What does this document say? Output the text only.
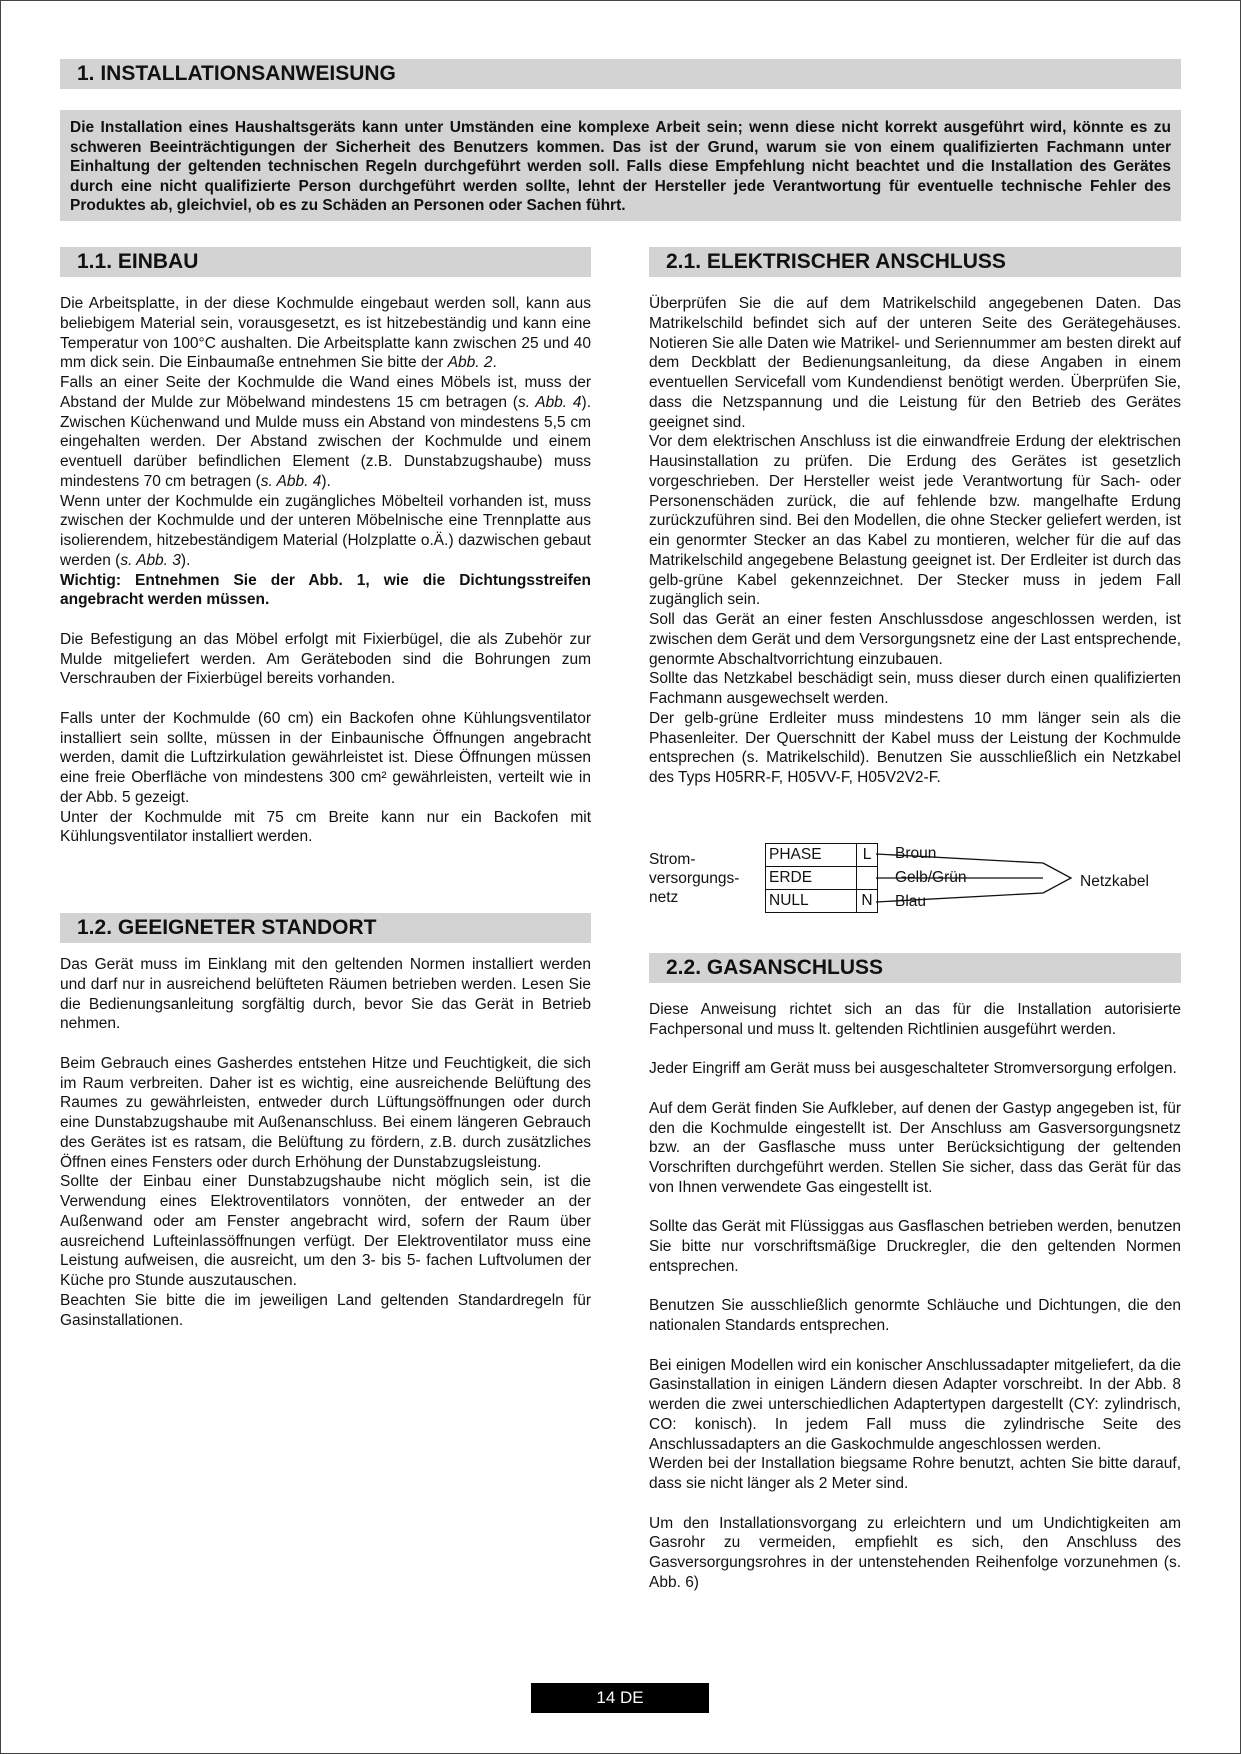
1. INSTALLATIONSANWEISUNG
Die Installation eines Haushaltsgeräts kann unter Umständen eine komplexe Arbeit sein; wenn diese nicht korrekt ausgeführt wird, könnte es zu schweren Beeinträchtigungen der Sicherheit des Benutzers kommen. Das ist der Grund, warum sie von einem qualifizierten Fachmann unter Einhaltung der geltenden technischen Regeln durchgeführt werden soll. Falls diese Empfehlung nicht beachtet und die Installation des Gerätes durch eine nicht qualifizierte Person durchgeführt werden sollte, lehnt der Hersteller jede Verantwortung für eventuelle technische Fehler des Produktes ab, gleichviel, ob es zu Schäden an Personen oder Sachen führt.
1.1. EINBAU

Die Arbeitsplatte, in der diese Kochmulde eingebaut werden soll, kann aus beliebigem Material sein, vorausgesetzt, es ist hitzebeständig und kann eine Temperatur von 100°C aushalten. Die Arbeitsplatte kann zwischen 25 und 40 mm dick sein. Die Einbaumaße entnehmen Sie bitte der Abb. 2.

Falls an einer Seite der Kochmulde die Wand eines Möbels ist, muss der Abstand der Mulde zur Möbelwand mindestens 15 cm betragen (s. Abb. 4). Zwischen Küchenwand und Mulde muss ein Abstand von mindestens 5,5 cm eingehalten werden. Der Abstand zwischen der Kochmulde und einem eventuell darüber befindlichen Element (z.B. Dunstabzugshaube) muss mindestens 70 cm betragen (s. Abb. 4).

Wenn unter der Kochmulde ein zugängliches Möbelteil vorhanden ist, muss zwischen der Kochmulde und der unteren Möbelnische eine Trennplatte aus isolierendem, hitzebeständigem Material (Holzplatte o.Ä.) dazwischen gebaut werden (s. Abb. 3).

Wichtig: Entnehmen Sie der Abb. 1, wie die Dichtungsstreifen angebracht werden müssen.

Die Befestigung an das Möbel erfolgt mit Fixierbügel, die als Zubehör zur Mulde mitgeliefert werden. Am Geräteboden sind die Bohrungen zum Verschrauben der Fixierbügel bereits vorhanden.

Falls unter der Kochmulde (60 cm) ein Backofen ohne Kühlungsventilator installiert sein sollte, müssen in der Einbaunische Öffnungen angebracht werden, damit die Luftzirkulation gewährleistet ist. Diese Öffnungen müssen eine freie Oberfläche von mindestens 300 cm² gewährleisten, verteilt wie in der Abb. 5 gezeigt.

Unter der Kochmulde mit 75 cm Breite kann nur ein Backofen mit Kühlungsventilator installiert werden.

1.2. GEEIGNETER STANDORT

Das Gerät muss im Einklang mit den geltenden Normen installiert werden und darf nur in ausreichend belüfteten Räumen betrieben werden. Lesen Sie die Bedienungsanleitung sorgfältig durch, bevor Sie das Gerät in Betrieb nehmen.

Beim Gebrauch eines Gasherdes entstehen Hitze und Feuchtigkeit, die sich im Raum verbreiten. Daher ist es wichtig, eine ausreichende Belüftung des Raumes zu gewährleisten, entweder durch Lüftungsöffnungen oder durch eine Dunstabzugshaube mit Außenanschluss. Bei einem längeren Gebrauch des Gerätes ist es ratsam, die Belüftung zu fördern, z.B. durch zusätzliches Öffnen eines Fensters oder durch Erhöhung der Dunstabzugsleistung.

Sollte der Einbau einer Dunstabzugshaube nicht möglich sein, ist die Verwendung eines Elektroventilators vonnöten, der entweder an der Außenwand oder am Fenster angebracht wird, sofern der Raum über ausreichend Lufteinlassöffnungen verfügt. Der Elektroventilator muss eine Leistung aufweisen, die ausreicht, um den 3- bis 5- fachen Luftvolumen der Küche pro Stunde auszutauschen.

Beachten Sie bitte die im jeweiligen Land geltenden Standardregeln für Gasinstallationen.

2.1. ELEKTRISCHER ANSCHLUSS

Überprüfen Sie die auf dem Matrikelschild angegebenen Daten. Das Matrikelschild befindet sich auf der unteren Seite des Gerätegehäuses. Notieren Sie alle Daten wie Matrikel- und Seriennummer am besten direkt auf dem Deckblatt der Bedienungsanleitung, da diese Angaben in einem eventuellen Servicefall vom Kundendienst benötigt werden. Überprüfen Sie, dass die Netzspannung und die Leistung für den Betrieb des Gerätes geeignet sind.

Vor dem elektrischen Anschluss ist die einwandfreie Erdung der elektrischen Hausinstallation zu prüfen. Die Erdung des Gerätes ist gesetzlich vorgeschrieben. Der Hersteller weist jede Verantwortung für Sach- oder Personenschäden zurück, die auf fehlende bzw. mangelhafte Erdung zurückzuführen sind. Bei den Modellen, die ohne Stecker geliefert werden, ist ein genormter Stecker an das Kabel zu montieren, welcher für die auf das Matrikelschild angegebene Belastung geeignet ist. Der Erdleiter ist durch das gelb-grüne Kabel gekennzeichnet. Der Stecker muss in jedem Fall zugänglich sein.

Soll das Gerät an einer festen Anschlussdose angeschlossen werden, ist zwischen dem Gerät und dem Versorgungsnetz eine der Last entsprechende, genormte Abschaltvorrichtung einzubauen.

Sollte das Netzkabel beschädigt sein, muss dieser durch einen qualifizierten Fachmann ausgewechselt werden.

Der gelb-grüne Erdleiter muss mindestens 10 mm länger sein als die Phasenleiter. Der Querschnitt der Kabel muss der Leistung der Kochmulde entsprechen (s. Matrikelschild). Benutzen Sie ausschließlich ein Netzkabel des Typs H05RR-F, H05VV-F, H05V2V2-F.

Strom-
versorgungs-
netz
PHASE	L
ERDE	
NULL	N
Broun
Gelb/Grün
Blau
Netzkabel
2.2. GASANSCHLUSS

Diese Anweisung richtet sich an das für die Installation autorisierte Fachpersonal und muss lt. geltenden Richtlinien ausgeführt werden.

Jeder Eingriff am Gerät muss bei ausgeschalteter Stromversorgung erfolgen.

Auf dem Gerät finden Sie Aufkleber, auf denen der Gastyp angegeben ist, für den die Kochmulde eingestellt ist. Der Anschluss am Gasversorgungsnetz bzw. an der Gasflasche muss unter Berücksichtigung der geltenden Vorschriften durchgeführt werden. Stellen Sie sicher, dass das Gerät für das von Ihnen verwendete Gas eingestellt ist.

Sollte das Gerät mit Flüssiggas aus Gasflaschen betrieben werden, benutzen Sie bitte nur vorschriftsmäßige Druckregler, die den geltenden Normen entsprechen.

Benutzen Sie ausschließlich genormte Schläuche und Dichtungen, die den nationalen Standards entsprechen.

Bei einigen Modellen wird ein konischer Anschlussadapter mitgeliefert, da die Gasinstallation in einigen Ländern diesen Adapter vorschreibt. In der Abb. 8 werden die zwei unterschiedlichen Adaptertypen dargestellt (CY: zylindrisch, CO: konisch). In jedem Fall muss die zylindrische Seite des Anschlussadapters an die Gaskochmulde angeschlossen werden.

Werden bei der Installation biegsame Rohre benutzt, achten Sie bitte darauf, dass sie nicht länger als 2 Meter sind.

Um den Installationsvorgang zu erleichtern und um Undichtigkeiten am Gasrohr zu vermeiden, empfiehlt es sich, den Anschluss des Gasversorgungsrohres in der untenstehenden Reihenfolge vorzunehmen (s. Abb. 6)

14 DE
